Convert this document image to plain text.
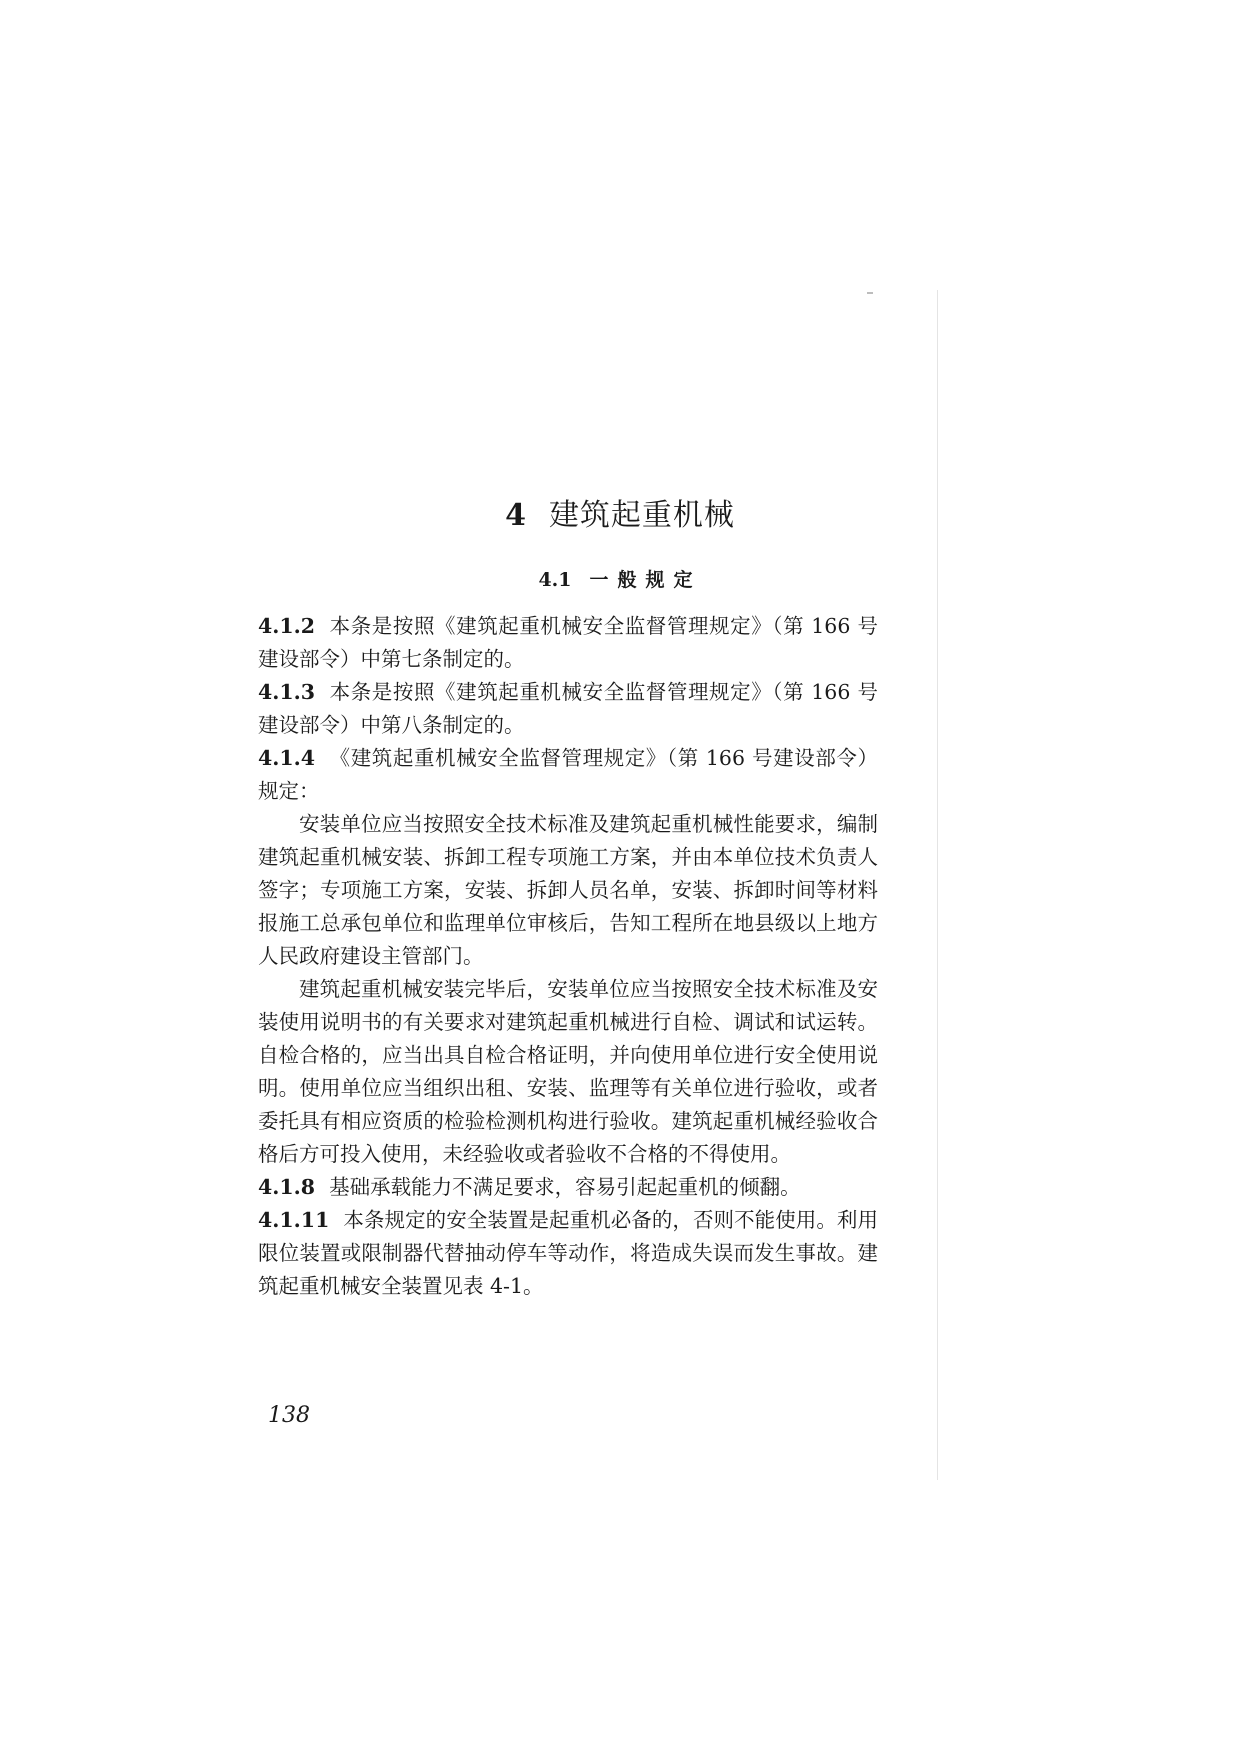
4 建筑起重机械
4.1 一般规定

4.1.2 本条是按照《建筑起重机械安全监督管理规定》（第 166 号建设部令）中第七条制定的。

4.1.3 本条是按照《建筑起重机械安全监督管理规定》（第 166 号建设部令）中第八条制定的。

4.1.4 《建筑起重机械安全监督管理规定》（第 166 号建设部令）规定：

安装单位应当按照安全技术标准及建筑起重机械性能要求，编制建筑起重机械安装、拆卸工程专项施工方案，并由本单位技术负责人签字；专项施工方案，安装、拆卸人员名单，安装、拆卸时间等材料报施工总承包单位和监理单位审核后，告知工程所在地县级以上地方人民政府建设主管部门。

建筑起重机械安装完毕后，安装单位应当按照安全技术标准及安装使用说明书的有关要求对建筑起重机械进行自检、调试和试运转。自检合格的，应当出具自检合格证明，并向使用单位进行安全使用说明。使用单位应当组织出租、安装、监理等有关单位进行验收，或者委托具有相应资质的检验检测机构进行验收。建筑起重机械经验收合格后方可投入使用，未经验收或者验收不合格的不得使用。

4.1.8 基础承载能力不满足要求，容易引起起重机的倾翻。

4.1.11 本条规定的安全装置是起重机必备的，否则不能使用。利用限位装置或限制器代替抽动停车等动作，将造成失误而发生事故。建筑起重机械安全装置见表 4-1。

138
